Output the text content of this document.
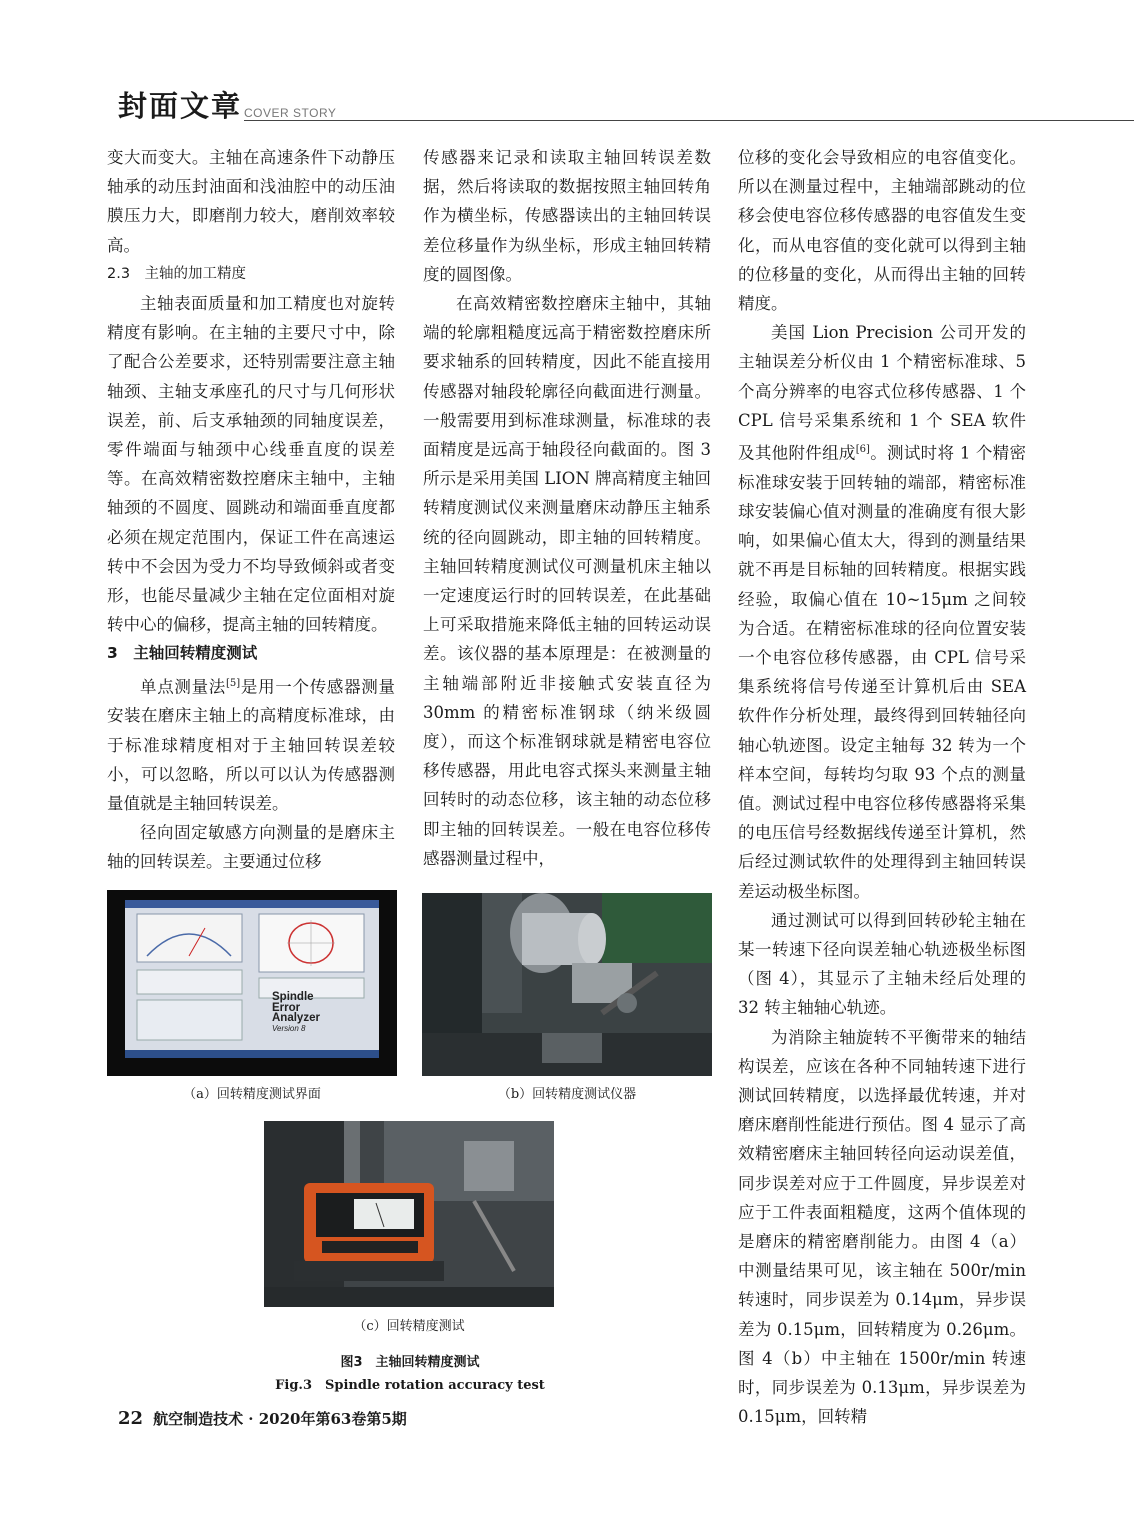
封面文章 COVER STORY

变大而变大。主轴在高速条件下动静压轴承的动压封油面和浅油腔中的动压油膜压力大，即磨削力较大，磨削效率较高。

2.3　主轴的加工精度

主轴表面质量和加工精度也对旋转精度有影响。在主轴的主要尺寸中，除了配合公差要求，还特别需要注意主轴轴颈、主轴支承座孔的尺寸与几何形状误差，前、后支承轴颈的同轴度误差，零件端面与轴颈中心线垂直度的误差等。在高效精密数控磨床主轴中，主轴轴颈的不圆度、圆跳动和端面垂直度都必须在规定范围内，保证工件在高速运转中不会因为受力不均导致倾斜或者变形，也能尽量减少主轴在定位面相对旋转中心的偏移，提高主轴的回转精度。

3　主轴回转精度测试

单点测量法[5]是用一个传感器测量安装在磨床主轴上的高精度标准球，由于标准球精度相对于主轴回转误差较小，可以忽略，所以可以认为传感器测量值就是主轴回转误差。

径向固定敏感方向测量的是磨床主轴的回转误差。主要通过位移

传感器来记录和读取主轴回转误差数据，然后将读取的数据按照主轴回转角作为横坐标，传感器读出的主轴回转误差位移量作为纵坐标，形成主轴回转精度的圆图像。

在高效精密数控磨床主轴中，其轴端的轮廓粗糙度远高于精密数控磨床所要求轴系的回转精度，因此不能直接用传感器对轴段轮廓径向截面进行测量。一般需要用到标准球测量，标准球的表面精度是远高于轴段径向截面的。图 3 所示是采用美国 LION 牌高精度主轴回转精度测试仪来测量磨床动静压主轴系统的径向圆跳动，即主轴的回转精度。主轴回转精度测试仪可测量机床主轴以一定速度运行时的回转误差，在此基础上可采取措施来降低主轴的回转运动误差。该仪器的基本原理是：在被测量的主轴端部附近非接触式安装直径为 30mm 的精密标准钢球（纳米级圆度），而这个标准钢球就是精密电容位移传感器，用此电容式探头来测量主轴回转时的动态位移，该主轴的动态位移即主轴的回转误差。一般在电容位移传感器测量过程中，

位移的变化会导致相应的电容值变化。所以在测量过程中，主轴端部跳动的位移会使电容位移传感器的电容值发生变化，而从电容值的变化就可以得到主轴的位移量的变化，从而得出主轴的回转精度。

美国 Lion Precision 公司开发的主轴误差分析仪由 1 个精密标准球、5 个高分辨率的电容式位移传感器、1 个 CPL 信号采集系统和 1 个 SEA 软件及其他附件组成[6]。测试时将 1 个精密标准球安装于回转轴的端部，精密标准球安装偏心值对测量的准确度有很大影响，如果偏心值太大，得到的测量结果就不再是目标轴的回转精度。根据实践经验，取偏心值在 10~15μm 之间较为合适。在精密标准球的径向位置安装一个电容位移传感器，由 CPL 信号采集系统将信号传递至计算机后由 SEA 软件作分析处理，最终得到回转轴径向轴心轨迹图。设定主轴每 32 转为一个样本空间，每转均匀取 93 个点的测量值。测试过程中电容位移传感器将采集的电压信号经数据线传递至计算机，然后经过测试软件的处理得到主轴回转误差运动极坐标图。

通过测试可以得到回转砂轮主轴在某一转速下径向误差轴心轨迹极坐标图（图 4），其显示了主轴未经后处理的 32 转主轴轴心轨迹。

为消除主轴旋转不平衡带来的轴结构误差，应该在各种不同轴转速下进行测试回转精度，以选择最优转速，并对磨床磨削性能进行预估。图 4 显示了高效精密磨床主轴回转径向运动误差值，同步误差对应于工件圆度，异步误差对应于工件表面粗糙度，这两个值体现的是磨床的精密磨削能力。由图 4（a）中测量结果可见，该主轴在 500r/min 转速时，同步误差为 0.14μm，异步误差为 0.15μm，回转精度为 0.26μm。图 4（b）中主轴在 1500r/min 转速时，同步误差为 0.13μm，异步误差为 0.15μm，回转精

Spindle
Error
Analyzer
Version 8
（a）回转精度测试界面	（b）回转精度测试仪器
（c）回转精度测试
图3　主轴回转精度测试
Fig.3　Spindle rotation accuracy test
22 航空制造技术 · 2020年第63卷第5期
